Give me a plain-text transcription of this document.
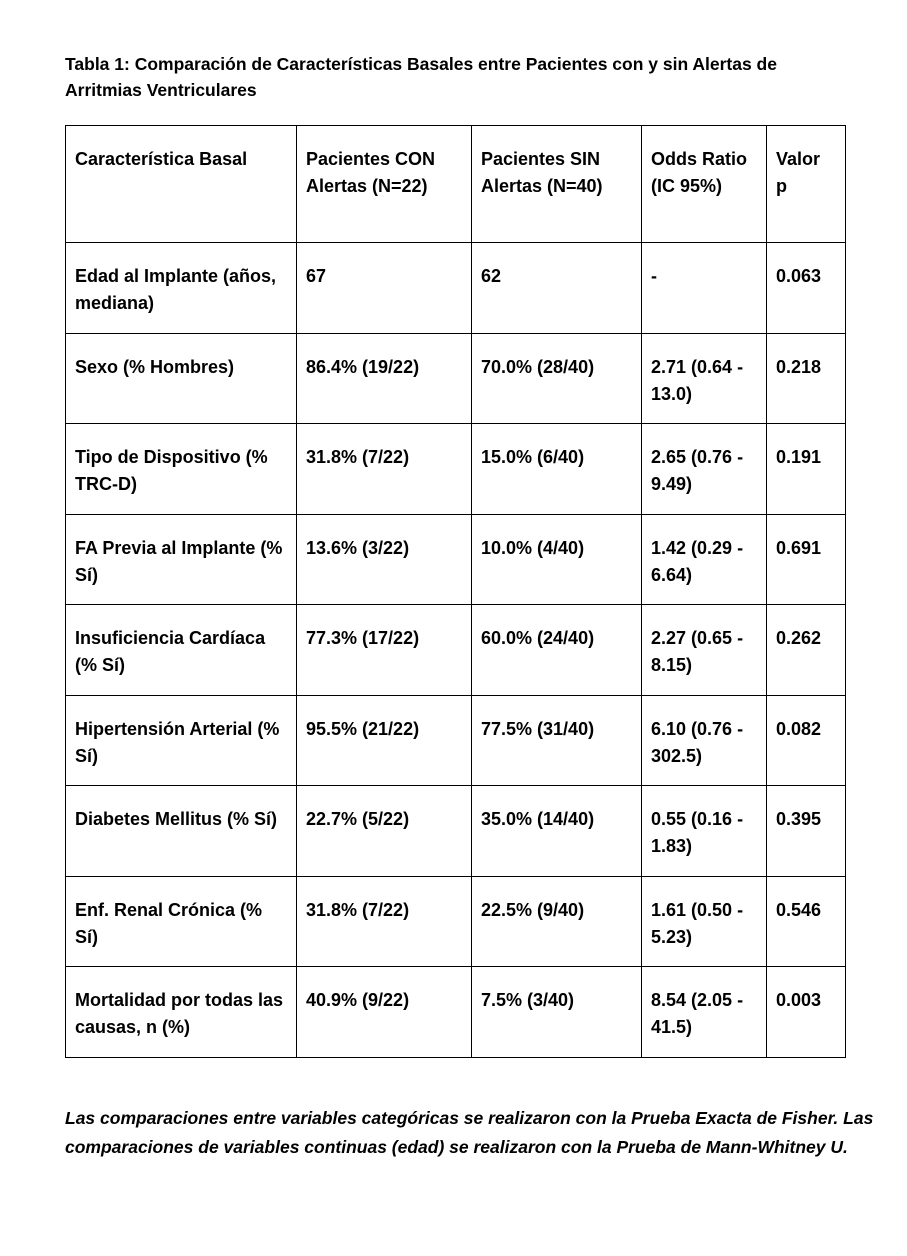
Tabla 1: Comparación de Características Basales entre Pacientes con y sin Alertas de Arritmias Ventriculares

Característica Basal	Pacientes CON Alertas (N=22)	Pacientes SIN Alertas (N=40)	Odds Ratio (IC 95%)	Valor p
Edad al Implante (años, mediana)	67	62	-	0.063
Sexo (% Hombres)	86.4% (19/22)	70.0% (28/40)	2.71 (0.64 - 13.0)	0.218
Tipo de Dispositivo (% TRC-D)	31.8% (7/22)	15.0% (6/40)	2.65 (0.76 - 9.49)	0.191
FA Previa al Implante (% Sí)	13.6% (3/22)	10.0% (4/40)	1.42 (0.29 - 6.64)	0.691
Insuficiencia Cardíaca (% Sí)	77.3% (17/22)	60.0% (24/40)	2.27 (0.65 - 8.15)	0.262
Hipertensión Arterial (% Sí)	95.5% (21/22)	77.5% (31/40)	6.10 (0.76 - 302.5)	0.082
Diabetes Mellitus (% Sí)	22.7% (5/22)	35.0% (14/40)	0.55 (0.16 - 1.83)	0.395
Enf. Renal Crónica (% Sí)	31.8% (7/22)	22.5% (9/40)	1.61 (0.50 - 5.23)	0.546
Mortalidad por todas las causas, n (%)	40.9% (9/22)	7.5% (3/40)	8.54 (2.05 - 41.5)	0.003

Las comparaciones entre variables categóricas se realizaron con la Prueba Exacta de Fisher. Las comparaciones de variables continuas (edad) se realizaron con la Prueba de Mann-Whitney U.
